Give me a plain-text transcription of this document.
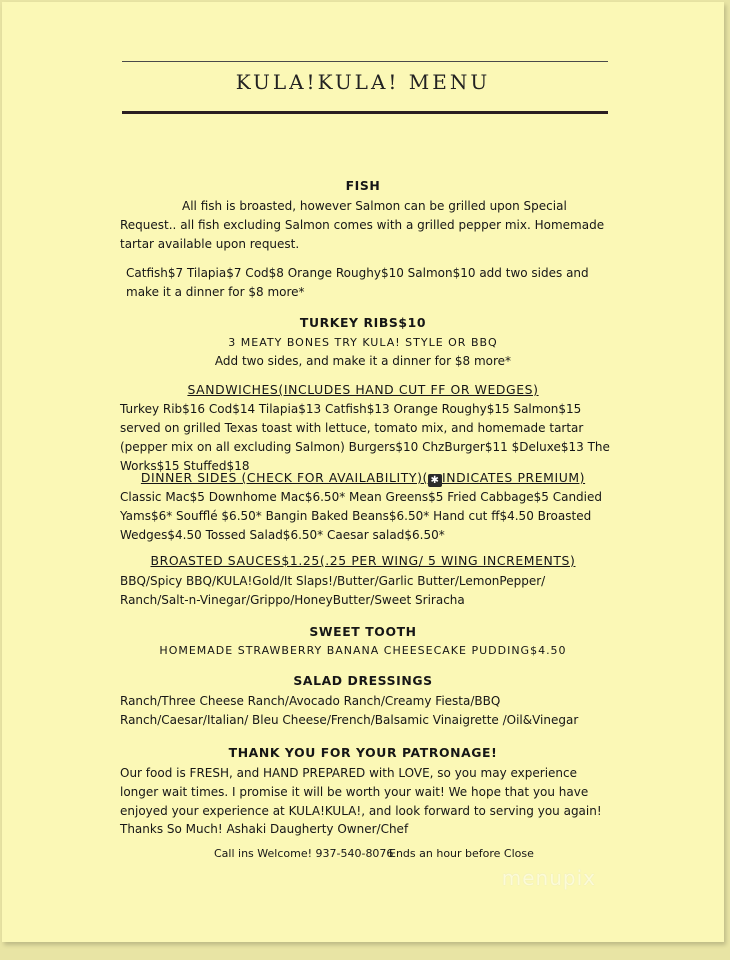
KULA!KULA! MENU
FISH
All fish is broasted, however Salmon can be grilled upon Special Request.. all fish excluding Salmon comes with a grilled pepper mix. Homemade tartar available upon request.
Catfish$7 Tilapia$7 Cod$8 Orange Roughy$10 Salmon$10 add two sides and make it a dinner for $8 more*
TURKEY RIBS$10
3 MEATY BONES TRY KULA! STYLE OR BBQ
Add two sides, and make it a dinner for $8 more*
SANDWICHES(INCLUDES HAND CUT FF OR WEDGES)
Turkey Rib$16 Cod$14 Tilapia$13 Catfish$13 Orange Roughy$15 Salmon$15 served on grilled Texas toast with lettuce, tomato mix, and homemade tartar (pepper mix on all excluding Salmon) Burgers$10 ChzBurger$11 $Deluxe$13 The Works$15 Stuffed$18
DINNER SIDES (CHECK FOR AVAILABILITY)( ✱ INDICATES PREMIUM)
Classic Mac$5 Downhome Mac$6.50* Mean Greens$5 Fried Cabbage$5 Candied Yams$6* Soufflé $6.50* Bangin Baked Beans$6.50* Hand cut ff$4.50 Broasted Wedges$4.50 Tossed Salad$6.50* Caesar salad$6.50*
BROASTED SAUCES$1.25(.25 PER WING/ 5 WING INCREMENTS)
BBQ/Spicy BBQ/KULA!Gold/It Slaps!/Butter/Garlic Butter/LemonPepper/ Ranch/Salt-n-Vinegar/Grippo/HoneyButter/Sweet Sriracha
SWEET TOOTH
HOMEMADE STRAWBERRY BANANA CHEESECAKE PUDDING$4.50
SALAD DRESSINGS
Ranch/Three Cheese Ranch/Avocado Ranch/Creamy Fiesta/BBQ Ranch/Caesar/Italian/ Bleu Cheese/French/Balsamic Vinaigrette /Oil&Vinegar
THANK YOU FOR YOUR PATRONAGE!
Our food is FRESH, and HAND PREPARED with LOVE, so you may experience longer wait times. I promise it will be worth your wait! We hope that you have enjoyed your experience at KULA!KULA!, and look forward to serving you again!
Thanks So Much! Ashaki Daugherty Owner/Chef
Call ins Welcome! 937-540-8076
Ends an hour before Close
menupix
